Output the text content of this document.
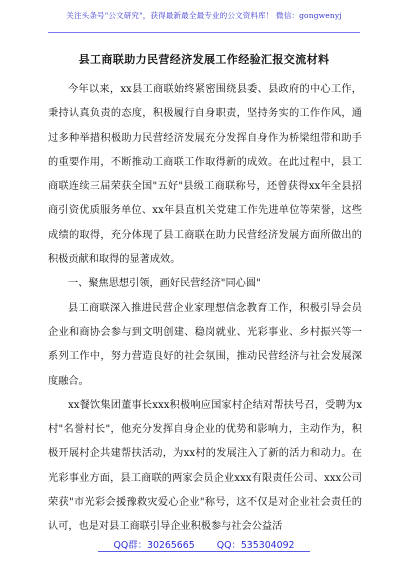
关注头条号"公文研究"，获得最新最全最专业的公文资料库！ 微信：gongwenyj
县工商联助力民营经济发展工作经验汇报交流材料

今年以来，xx县工商联始终紧密围绕县委、县政府的中心工作，秉持认真负责的态度，积极履行自身职责，坚持务实的工作作风，通过多种举措积极助力民营经济发展充分发挥自身作为桥梁纽带和助手的重要作用，不断推动工商联工作取得新的成效。在此过程中，县工商联连续三届荣获全国"五好"县级工商联称号，还曾获得xx年全县招商引资优质服务单位、xx年县直机关党建工作先进单位等荣誉，这些成绩的取得，充分体现了县工商联在助力民营经济发展方面所做出的积极贡献和取得的显著成效。

一、聚焦思想引领，画好民营经济"同心圆"

县工商联深入推进民营企业家理想信念教育工作，积极引导会员企业和商协会参与到文明创建、稳岗就业、光彩事业、乡村振兴等一系列工作中，努力营造良好的社会氛围，推动民营经济与社会发展深度融合。

xx餐饮集团董事长xxx积极响应国家村企结对帮扶号召，受聘为x村"名誉村长"，他充分发挥自身企业的优势和影响力，主动作为，积极开展村企共建帮扶活动，为xx村的发展注入了新的活力和动力。在光彩事业方面，县工商联的两家会员企业xxx有限责任公司、xxx公司荣获"市光彩会援豫救灾爱心企业"称号，这不仅是对企业社会责任的认可，也是对县工商联引导企业积极参与社会公益活

QQ群：30265665 QQ：535304092
